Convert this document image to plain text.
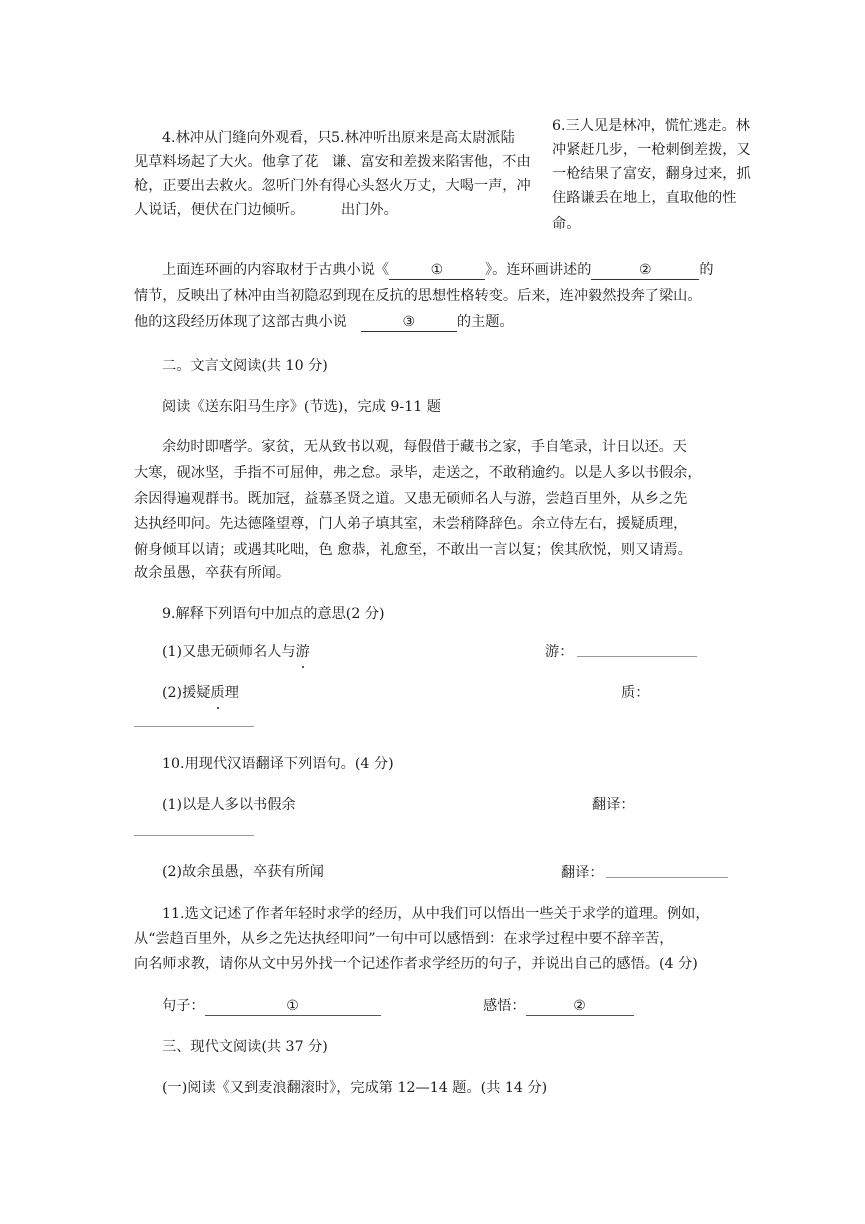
4.林冲从门缝向外观看，只
见草料场起了大火。他拿了花
枪，正要出去救火。忽听门外有
人说话，便伏在门边倾听。
5.林冲听出原来是高太尉派陆
谦、富安和差拨来陷害他，不由
得心头怒火万丈，大喝一声，冲
出门外。
6.三人见是林冲，慌忙逃走。林
冲紧赶几步，一枪刺倒差拨，又
一枪结果了富安，翻身过来，抓
住路谦丢在地上，直取他的性
命。
上面连环画的内容取材于古典小说《	①	》。连环画讲述的	②	的
情节，反映出了林冲由当初隐忍到现在反抗的思想性格转变。后来，连冲毅然投奔了梁山。
他的这段经历体现了这部古典小说	③	的主题。
二。文言文阅读(共 10 分)
阅读《送东阳马生序》(节选)，完成 9-11 题
余幼时即嗜学。家贫，无从致书以观，每假借于藏书之家，手自笔录，计日以还。天
大寒，砚冰坚，手指不可屈伸，弗之怠。录毕，走送之，不敢稍逾约。以是人多以书假余，
余因得遍观群书。既加冠，益慕圣贤之道。又患无硕师名人与游，尝趋百里外，从乡之先
达执经叩问。先达德隆望尊，门人弟子填其室，未尝稍降辞色。余立侍左右，援疑质理，
俯身倾耳以请；或遇其叱咄，色 愈恭，礼愈至，不敢出一言以复；俟其欣悦，则又请焉。
故余虽愚，卒获有所闻。
9.解释下列语句中加点的意思(2 分)
(1)又患无硕师名人与游	游：
(2)援疑质理	质：
10.用现代汉语翻译下列语句。(4 分)
(1)以是人多以书假余	翻译：
(2)故余虽愚，卒获有所闻	翻译：
11.选文记述了作者年轻时求学的经历，从中我们可以悟出一些关于求学的道理。例如，
从“尝趋百里外，从乡之先达执经叩问”一句中可以感悟到：在求学过程中要不辞辛苦，
向名师求教，请你从文中另外找一个记述作者求学经历的句子，并说出自己的感悟。(4 分)
句子：	①	感悟：	②
三、现代文阅读(共 37 分)
(一)阅读《又到麦浪翻滚时》，完成第 12—14 题。(共 14 分)
